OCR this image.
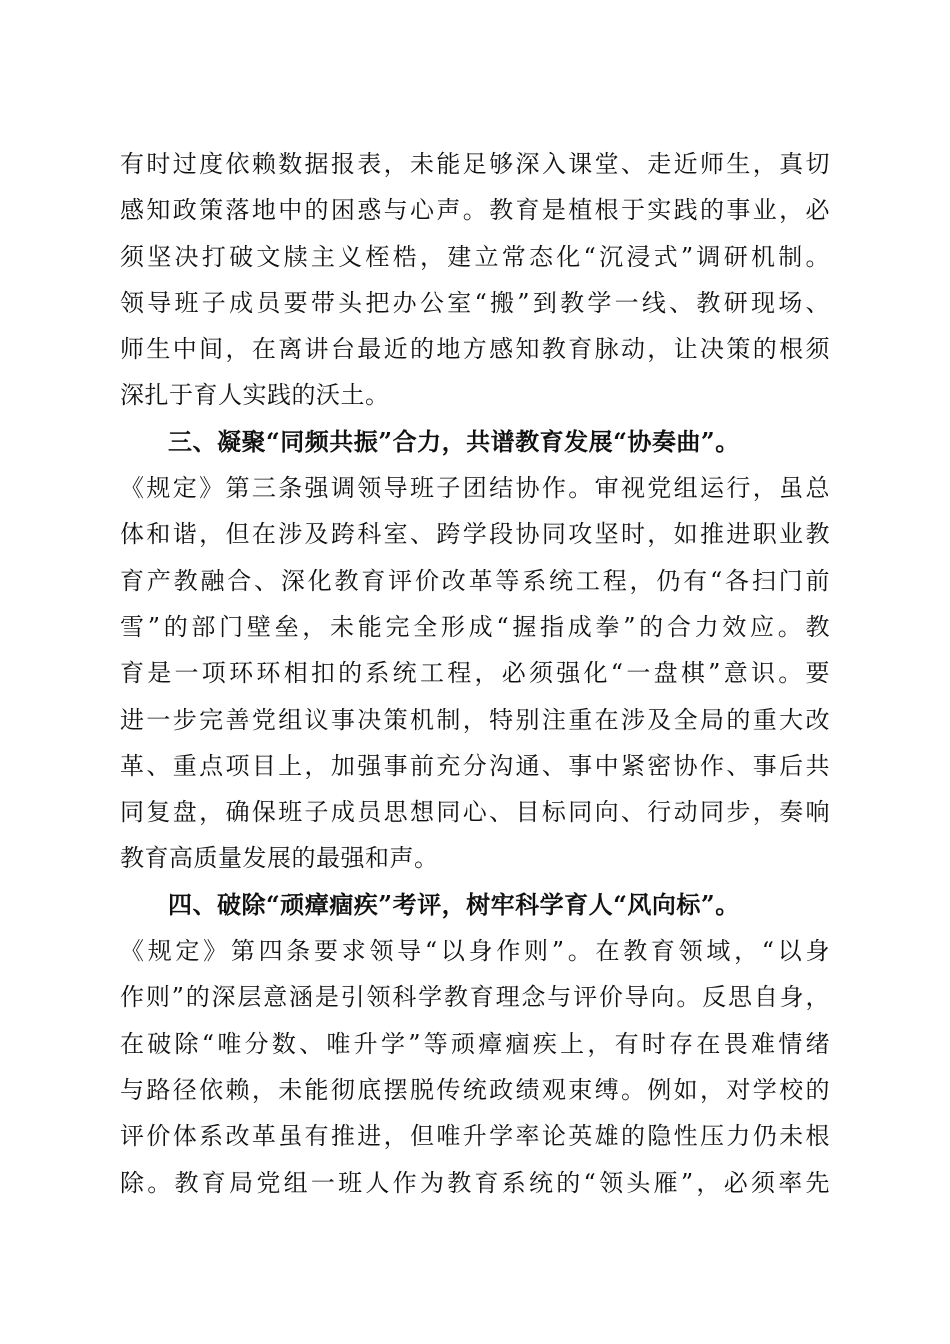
有时过度依赖数据报表，未能足够深入课堂、走近师生，真切
感知政策落地中的困惑与心声。教育是植根于实践的事业，必
须坚决打破文牍主义桎梏，建立常态化“沉浸式”调研机制。
领导班子成员要带头把办公室“搬”到教学一线、教研现场、
师生中间，在离讲台最近的地方感知教育脉动，让决策的根须
深扎于育人实践的沃土。
三、凝聚“同频共振”合力，共谱教育发展“协奏曲”。
《规定》第三条强调领导班子团结协作。审视党组运行，虽总
体和谐，但在涉及跨科室、跨学段协同攻坚时，如推进职业教
育产教融合、深化教育评价改革等系统工程，仍有“各扫门前
雪”的部门壁垒，未能完全形成“握指成拳”的合力效应。教
育是一项环环相扣的系统工程，必须强化“一盘棋”意识。要
进一步完善党组议事决策机制，特别注重在涉及全局的重大改
革、重点项目上，加强事前充分沟通、事中紧密协作、事后共
同复盘，确保班子成员思想同心、目标同向、行动同步，奏响
教育高质量发展的最强和声。
四、破除“顽瘴痼疾”考评，树牢科学育人“风向标”。
《规定》第四条要求领导“以身作则”。在教育领域，“以身
作则”的深层意涵是引领科学教育理念与评价导向。反思自身，
在破除“唯分数、唯升学”等顽瘴痼疾上，有时存在畏难情绪
与路径依赖，未能彻底摆脱传统政绩观束缚。例如，对学校的
评价体系改革虽有推进，但唯升学率论英雄的隐性压力仍未根
除。教育局党组一班人作为教育系统的“领头雁”，必须率先
